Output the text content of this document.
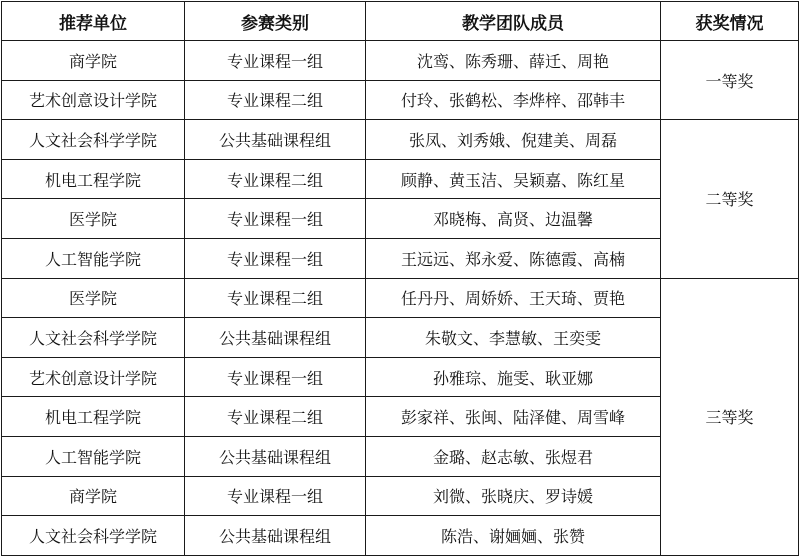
推荐单位	参赛类别	教学团队成员	获奖情况
商学院	专业课程一组	沈鸾、陈秀珊、薛迁、周艳	一等奖
艺术创意设计学院	专业课程二组	付玲、张鹤松、李烨梓、邵韩丰	
人文社会科学学院	公共基础课程组	张凤、刘秀娥、倪建美、周磊	二等奖
机电工程学院	专业课程二组	顾静、黄玉洁、吴颖嘉、陈红星	
医学院	专业课程一组	邓晓梅、高贤、边温馨	
人工智能学院	专业课程一组	王远远、郑永爱、陈德霞、高楠	
医学院	专业课程二组	任丹丹、周娇娇、王天琦、贾艳	三等奖
人文社会科学学院	公共基础课程组	朱敬文、李慧敏、王奕雯	
艺术创意设计学院	专业课程一组	孙雅琮、施雯、耿亚娜	
机电工程学院	专业课程二组	彭家祥、张闽、陆泽健、周雪峰	
人工智能学院	公共基础课程组	金璐、赵志敏、张煜君	
商学院	专业课程一组	刘微、张晓庆、罗诗媛	
人文社会科学学院	公共基础课程组	陈浩、谢婳婳、张赞	
